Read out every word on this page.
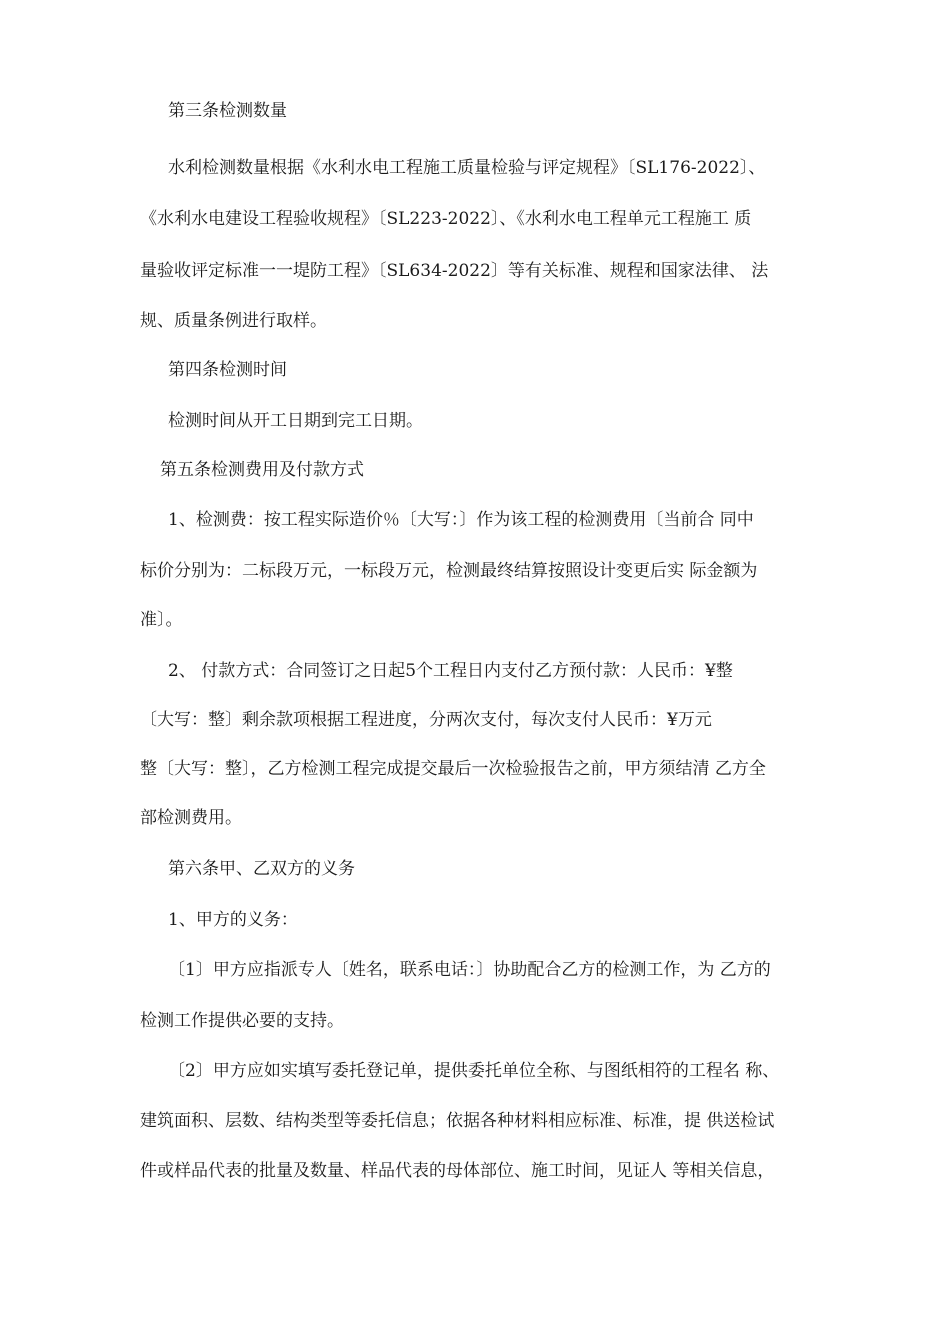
第三条检测数量
水利检测数量根据《水利水电工程施工质量检验与评定规程》〔SL176-2022〕、
《水利水电建设工程验收规程》〔SL223-2022〕、《水利水电工程单元工程施工 质
量验收评定标准一一堤防工程》〔SL634-2022〕等有关标准、规程和国家法律、 法
规、质量条例进行取样。
第四条检测时间
检测时间从开工日期到完工日期。
第五条检测费用及付款方式
1、检测费：按工程实际造价％〔大写：〕作为该工程的检测费用〔当前合 同中
标价分别为：二标段万元，一标段万元，检测最终结算按照设计变更后实 际金额为
准〕。
2、 付款方式：合同签订之日起5个工程日内支付乙方预付款：人民币：¥整
〔大写：整〕剩余款项根据工程进度，分两次支付，每次支付人民币：¥万元
整〔大写：整〕，乙方检测工程完成提交最后一次检验报告之前，甲方须结清 乙方全
部检测费用。
第六条甲、乙双方的义务
1、甲方的义务：
〔1〕甲方应指派专人〔姓名，联系电话：〕协助配合乙方的检测工作，为 乙方的
检测工作提供必要的支持。
〔2〕甲方应如实填写委托登记单，提供委托单位全称、与图纸相符的工程名 称、
建筑面积、层数、结构类型等委托信息；依据各种材料相应标准、标准，提 供送检试
件或样品代表的批量及数量、样品代表的母体部位、施工时间，见证人 等相关信息，
